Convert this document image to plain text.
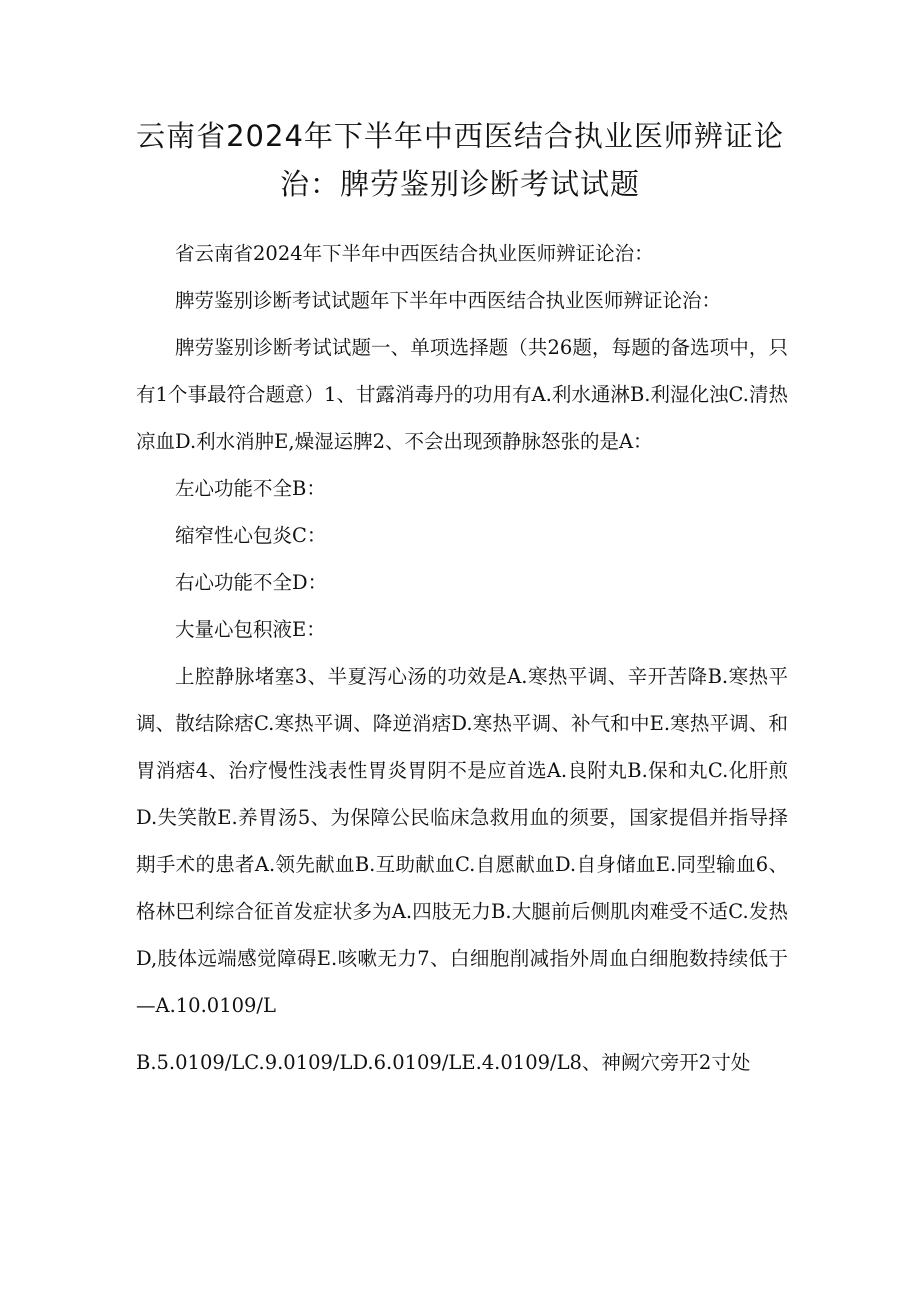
云南省2024年下半年中西医结合执业医师辨证论
治：脾劳鉴别诊断考试试题

省云南省2024年下半年中西医结合执业医师辨证论治：

脾劳鉴别诊断考试试题年下半年中西医结合执业医师辨证论治：

脾劳鉴别诊断考试试题一、单项选择题（共26题，每题的备选项中，只有1个事最符合题意）1、甘露消毒丹的功用有A.利水通淋B.利湿化浊C.清热凉血D.利水消肿E,燥湿运脾2、不会出现颈静脉怒张的是A：

左心功能不全B：

缩窄性心包炎C：

右心功能不全D：

大量心包积液E：

上腔静脉堵塞3、半夏泻心汤的功效是A.寒热平调、辛开苦降B.寒热平调、散结除痞C.寒热平调、降逆消痞D.寒热平调、补气和中E.寒热平调、和胃消痞4、治疗慢性浅表性胃炎胃阴不是应首选A.良附丸B.保和丸C.化肝煎D.失笑散E.养胃汤5、为保障公民临床急救用血的须要，国家提倡并指导择期手术的患者A.领先献血B.互助献血C.自愿献血D.自身储血E.同型输血6、格林巴利综合征首发症状多为A.四肢无力B.大腿前后侧肌肉难受不适C.发热D,肢体远端感觉障碍E.咳嗽无力7、白细胞削减指外周血白细胞数持续低于—A.10.0109/L

B.5.0109/LC.9.0109/LD.6.0109/LE.4.0109/L8、神阙穴旁开2寸处
